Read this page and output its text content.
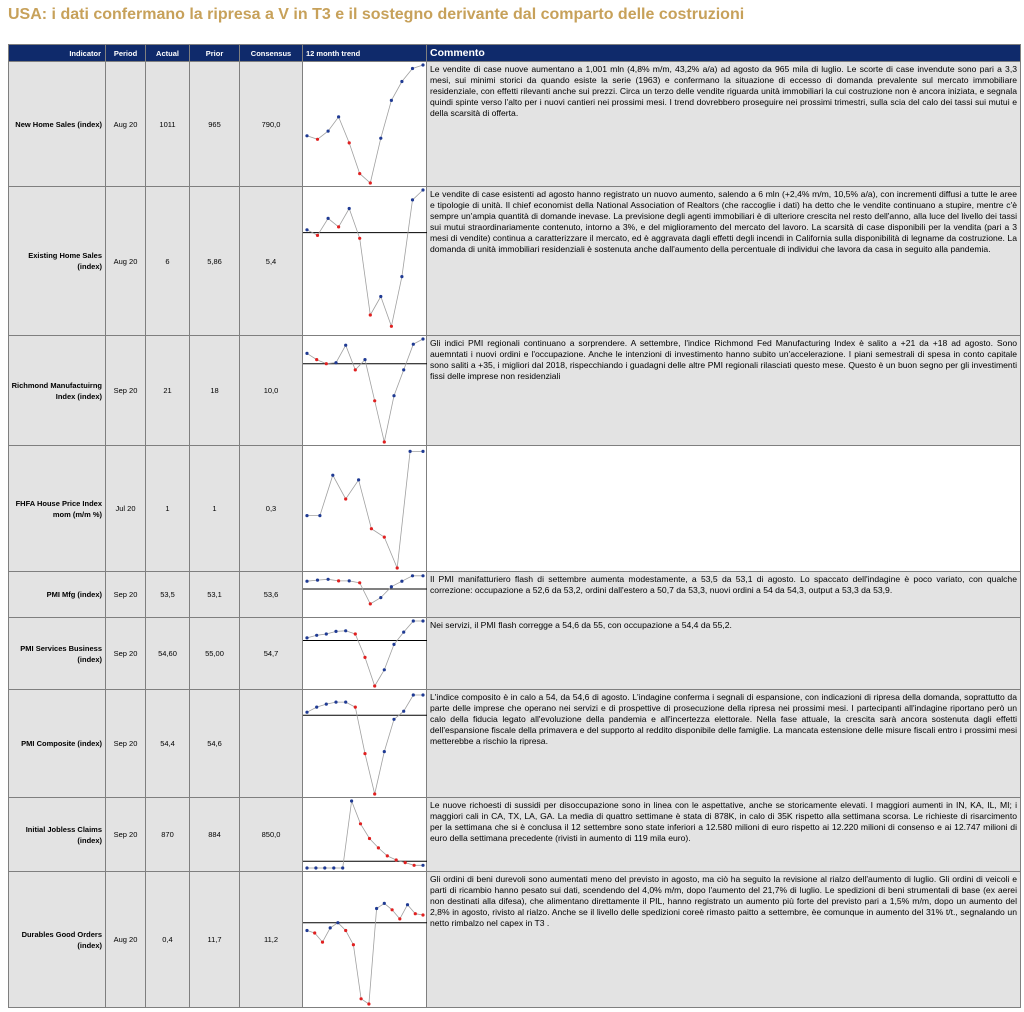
USA: i dati confermano la ripresa a V in T3 e il sostegno derivante dal comparto delle costruzioni
Indicator	Period	Actual	Prior	Consensus	12 month trend	Commento
New Home Sales (index)	Aug 20	1011	965	790,0		Le vendite di case nuove aumentano a 1,001 mln (4,8% m/m, 43,2% a/a) ad agosto da 965 mila di luglio. Le scorte di case invendute sono pari a 3,3 mesi, sui minimi storici da quando esiste la serie (1963) e confermano la situazione di eccesso di domanda prevalente sul mercato immobiliare residenziale, con effetti rilevanti anche sui prezzi. Circa un terzo delle vendite riguarda unità immobiliari la cui costruzione non è ancora iniziata, e segnala quindi spinte verso l'alto per i nuovi cantieri nei prossimi mesi. I trend dovrebbero proseguire nei prossimi trimestri, sulla scia del calo dei tassi sui mutui e della scarsità di offerta.
Existing Home Sales (index)	Aug 20	6	5,86	5,4		Le vendite di case esistenti ad agosto hanno registrato un nuovo aumento, salendo a 6 mln (+2,4% m/m, 10,5% a/a), con incrementi diffusi a tutte le aree e tipologie di unità. Il chief economist della National Association of Realtors (che raccoglie i dati) ha detto che le vendite continuano a stupire, mentre c'è sempre un'ampia quantità di domande inevase. La previsione degli agenti immobiliari è di ulteriore crescita nel resto dell'anno, alla luce del livello dei tassi sui mutui straordinariamente contenuto, intorno a 3%, e del miglioramento del mercato del lavoro. La scarsità di case disponibili per la vendita (pari a 3 mesi di vendite) continua a caratterizzare il mercato, ed è aggravata dagli effetti degli incendi in California sulla disponibilità di legname da costruzione. La domanda di unità immobiliari residenziali è sostenuta anche dall'aumento della percentuale di individui che lavora da casa in seguito alla pandemia.
Richmond Manufactuirng Index (index)	Sep 20	21	18	10,0		Gli indici PMI regionali continuano a sorprendere. A settembre, l'indice Richmond Fed Manufacturing Index è salito a +21 da +18 ad agosto. Sono auemntati i nuovi ordini e l'occupazione. Anche le intenzioni di investimento hanno subito un'accelerazione. I piani semestrali di spesa in conto capitale sono saliti a +35, i migliori dal 2018, rispecchiando i guadagni delle altre PMI regionali rilasciati questo mese. Questo è un buon segno per gli investimenti fissi delle imprese non residenziali
FHFA House Price Index mom (m/m %)	Jul 20	1	1	0,3	

PMI Mfg (index)	Sep 20	53,5	53,1	53,6		Il PMI manifatturiero flash di settembre aumenta modestamente, a 53,5 da 53,1 di agosto. Lo spaccato dell'indagine è poco variato, con qualche correzione: occupazione a 52,6 da 53,2, ordini dall'estero a 50,7 da 53,3, nuovi ordini a 54 da 54,3, output a 53,3 da 53,9.
PMI Services Business (index)	Sep 20	54,60	55,00	54,7		Nei servizi, il PMI flash corregge a 54,6 da 55, con occupazione a 54,4 da 55,2.
PMI Composite (index)	Sep 20	54,4	54,6			L'indice composito è in calo a 54, da 54,6 di agosto. L'indagine conferma i segnali di espansione, con indicazioni di ripresa della domanda, soprattutto da parte delle imprese che operano nei servizi e di prospettive di prosecuzione della ripresa nei prossimi mesi. I partecipanti all'indagine riportano però un calo della fiducia legato all'evoluzione della pandemia e all'incertezza elettorale. Nella fase attuale, la crescita sarà ancora sostenuta dagli effetti dell'espansione fiscale della primavera e del supporto al reddito disponibile delle famiglie. La mancata estensione delle misure fiscali entro i prossimi mesi metterebbe a rischio la ripresa.
Initial Jobless Claims (index)	Sep 20	870	884	850,0		Le nuove richoesti di sussidi per disoccupazione sono in linea con le aspettative, anche se storicamente elevati. I maggiori aumenti in IN, KA, IL, MI; i maggiori cali in CA, TX, LA, GA. La media di quattro settimane è stata di 878K, in calo di 35K rispetto alla settimana scorsa. Le richieste di risarcimento per la settimana che si è conclusa il 12 settembre sono state inferiori a 12.580 milioni di euro rispetto ai 12.220 milioni di consenso e ai 12.747 milioni di euro della settimana precedente (rivisti in aumento di 119 mila euro).
Durables Good Orders (index)	Aug 20	0,4	11,7	11,2		Gli ordini di beni durevoli sono aumentati meno del previsto in agosto, ma ciò ha seguito la revisione al rialzo dell'aumento di luglio. Gli ordini di veicoli e parti di ricambio hanno pesato sui dati, scendendo del 4,0% m/m, dopo l'aumento del 21,7% di luglio. Le spedizioni di beni strumentali di base (ex aerei non destinati alla difesa), che alimentano direttamente il PIL, hanno registrato un aumento più forte del previsto pari a 1,5% m/m, dopo un aumento del 2,8% in agosto, rivisto al rialzo. Anche se il livello delle spedizioni coreè rimasto paitto a settembre, èe comunque in aumento del 31% t/t., segnalando un netto rimbalzo nel capex in T3 .
